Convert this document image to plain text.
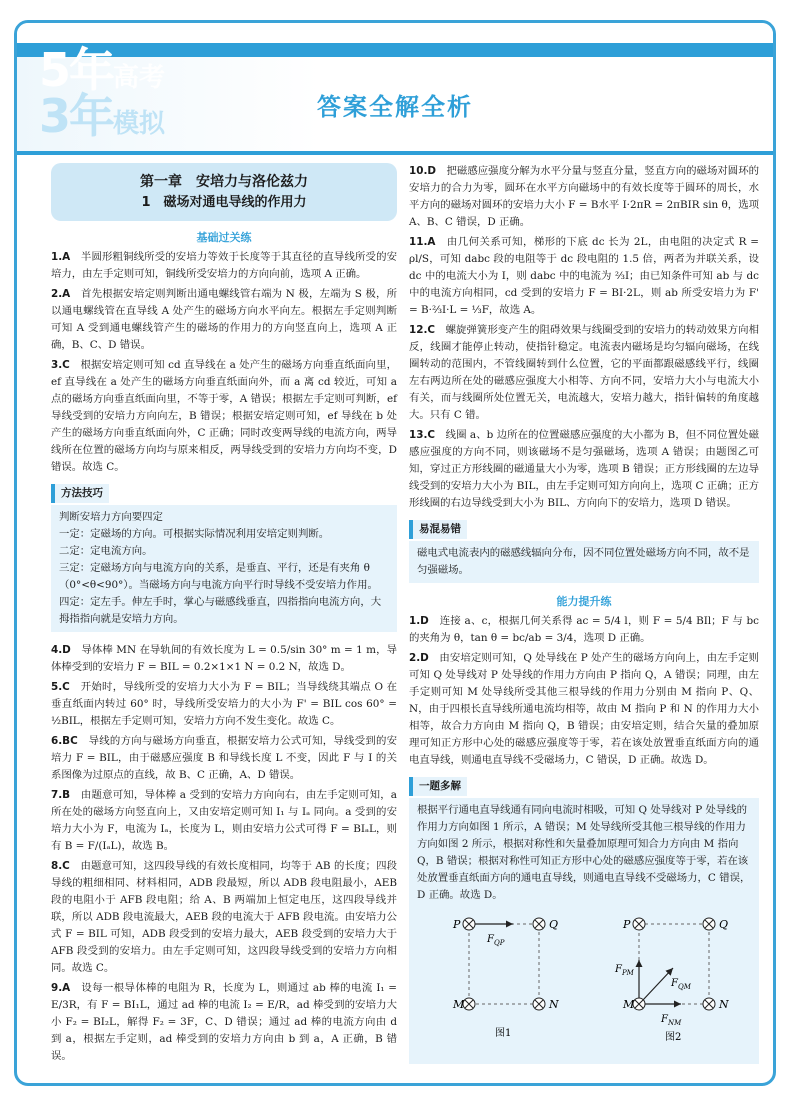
5年高考
3年模拟
答案全解全析
第一章　安培力与洛伦兹力
1　磁场对通电导线的作用力
基础过关练
1.A　 半圆形粗铜线所受的安培力等效于长度等于其直径的直导线所受的安培力，由左手定则可知，铜线所受安培力的方向向前，选项 A 正确。
2.A　 首先根据安培定则判断出通电螺线管右端为 N 极，左端为 S 极，所以通电螺线管在直导线 A 处产生的磁场方向水平向左。根据左手定则判断可知 A 受到通电螺线管产生的磁场的作用力的方向竖直向上，选项 A 正确，B、C、D 错误。
3.C　 根据安培定则可知 cd 直导线在 a 处产生的磁场方向垂直纸面向里，ef 直导线在 a 处产生的磁场方向垂直纸面向外，而 a 离 cd 较近，可知 a 点的磁场方向垂直纸面向里，不等于零，A 错误；根据左手定则可判断，ef 导线受到的安培力方向向左，B 错误；根据安培定则可知，ef 导线在 b 处产生的磁场方向垂直纸面向外，C 正确；同时改变两导线的电流方向，两导线所在位置的磁场方向均与原来相反，两导线受到的安培力方向均不变，D 错误。故选 C。
方法技巧
判断安培力方向要四定
一定：定磁场的方向。可根据实际情况利用安培定则判断。
二定：定电流方向。
三定：定磁场方向与电流方向的关系，是垂直、平行，还是有夹角 θ（0°<θ<90°）。当磁场方向与电流方向平行时导线不受安培力作用。
四定：定左手。伸左手时，掌心与磁感线垂直，四指指向电流方向，大拇指指向就是安培力方向。
4.D　 导体棒 MN 在导轨间的有效长度为 L = 0.5/sin 30° m = 1 m，导体棒受到的安培力 F = BIL = 0.2×1×1 N = 0.2 N，故选 D。
5.C　 开始时，导线所受的安培力大小为 F = BIL；当导线绕其端点 O 在垂直纸面内转过 60° 时，导线所受安培力的大小为 F' = BIL cos 60° = ½BIL，根据左手定则可知，安培力方向不发生变化。故选 C。
6.BC　 导线的方向与磁场方向垂直，根据安培力公式可知，导线受到的安培力 F = BIL，由于磁感应强度 B 和导线长度 L 不变，因此 F 与 I 的关系图像为过原点的直线，故 B、C 正确，A、D 错误。
7.B　 由题意可知，导体棒 a 受到的安培力方向向右，由左手定则可知，a 所在处的磁场方向竖直向上，又由安培定则可知 I₁ 与 Iₐ 同向。a 受到的安培力大小为 F，电流为 Iₐ，长度为 L，则由安培力公式可得 F = BIₐL，则有 B = F/(IₐL)，故选 B。
8.C　 由题意可知，这四段导线的有效长度相同，均等于 AB 的长度；四段导线的粗细相同、材料相同，ADB 段最短，所以 ADB 段电阻最小，AEB 段的电阻小于 AFB 段电阻；给 A、B 两端加上恒定电压，这四段导线并联，所以 ADB 段电流最大，AEB 段的电流大于 AFB 段电流。由安培力公式 F = BIL 可知，ADB 段受到的安培力最大，AEB 段受到的安培力大于 AFB 段受到的安培力。由左手定则可知，这四段导线受到的安培力方向相同。故选 C。
9.A　 设每一根导体棒的电阻为 R，长度为 L，则通过 ab 棒的电流 I₁ = E/3R，有 F = BI₁L，通过 ad 棒的电流 I₂ = E/R，ad 棒受到的安培力大小 F₂ = BI₂L，解得 F₂ = 3F，C、D 错误；通过 ad 棒的电流方向由 d 到 a，根据左手定则，ad 棒受到的安培力方向由 b 到 a，A 正确，B 错误。
10.D　 把磁感应强度分解为水平分量与竖直分量，竖直方向的磁场对圆环的安培力的合力为零，圆环在水平方向磁场中的有效长度等于圆环的周长，水平方向的磁场对圆环的安培力大小 F = B水平 I·2πR = 2πBIR sin θ，选项 A、B、C 错误，D 正确。
11.A　 由几何关系可知，梯形的下底 dc 长为 2L，由电阻的决定式 R = ρl/S，可知 dabc 段的电阻等于 dc 段电阻的 1.5 倍，两者为并联关系，设 dc 中的电流大小为 I，则 dabc 中的电流为 ⅔I；由已知条件可知 ab 与 dc 中的电流方向相同，cd 受到的安培力 F = BI·2L，则 ab 所受安培力为 F' = B·⅔I·L = ⅓F，故选 A。
12.C　 螺旋弹簧形变产生的阻碍效果与线圈受到的安培力的转动效果方向相反，线圈才能停止转动，使指针稳定。电流表内磁场是均匀辐向磁场，在线圈转动的范围内，不管线圈转到什么位置，它的平面都跟磁感线平行，线圈左右两边所在处的磁感应强度大小相等、方向不同，安培力大小与电流大小有关，而与线圈所处位置无关，电流越大，安培力越大，指针偏转的角度越大。只有 C 错。
13.C　 线圈 a、b 边所在的位置磁感应强度的大小都为 B，但不同位置处磁感应强度的方向不同，则该磁场不是匀强磁场，选项 A 错误；由题图乙可知，穿过正方形线圈的磁通量大小为零，选项 B 错误；正方形线圈的左边导线受到的安培力大小为 BIL，由左手定则可知方向向上，选项 C 正确；正方形线圈的右边导线受到大小为 BIL、方向向下的安培力，选项 D 错误。
易混易错
磁电式电流表内的磁感线辐向分布，因不同位置处磁场方向不同，故不是匀强磁场。
能力提升练
1.D　 连接 a、c，根据几何关系得 ac = 5/4 l，则 F = 5/4 BIl；F 与 bc 的夹角为 θ，tan θ = bc/ab = 3/4，选项 D 正确。
2.D　 由安培定则可知，Q 处导线在 P 处产生的磁场方向向上，由左手定则可知 Q 处导线对 P 处导线的作用力方向由 P 指向 Q，A 错误；同理，由左手定则可知 M 处导线所受其他三根导线的作用力分别由 M 指向 P、Q、N，由于四根长直导线所通电流均相等，故由 M 指向 P 和 N 的作用力大小相等，故合力方向由 M 指向 Q，B 错误；由安培定则，结合矢量的叠加原理可知正方形中心处的磁感应强度等于零，若在该处放置垂直纸面方向的通电直导线，则通电直导线不受磁场力，C 错误，D 正确。故选 D。
一题多解
根据平行通电直导线通有同向电流时相吸，可知 Q 处导线对 P 处导线的作用力方向如图 1 所示，A 错误；M 处导线所受其他三根导线的作用力方向如图 2 所示，根据对称性和矢量叠加原理可知合力方向由 M 指向 Q，B 错误；根据对称性可知正方形中心处的磁感应强度等于零，若在该处放置垂直纸面方向的通电直导线，则通电直导线不受磁场力，C 错误，D 正确。故选 D。
P	Q
M	N
$F_{QP}$
图1
P	Q
M	N
$F_{PM}$
$F_{QM}$
$F_{NM}$
图2
